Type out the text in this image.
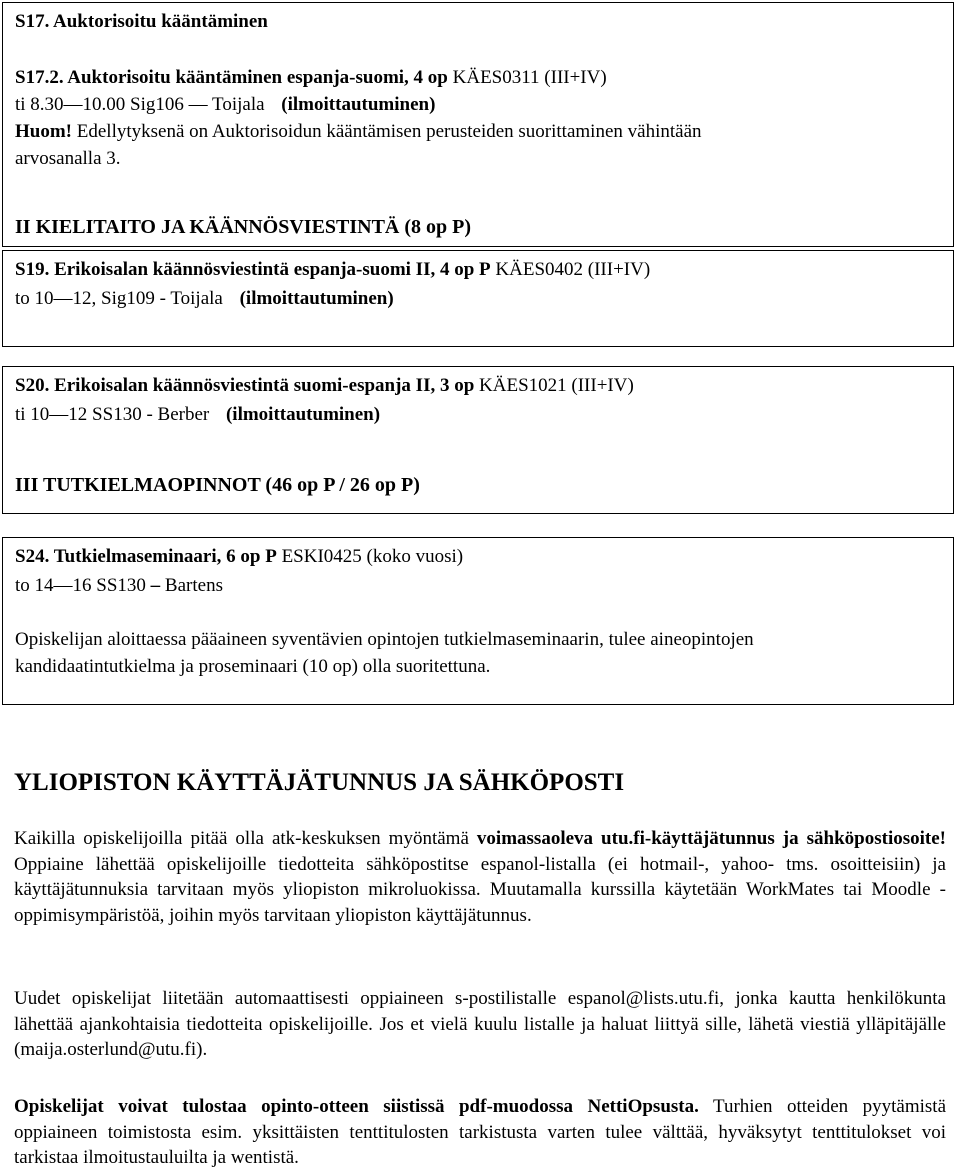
S17. Auktorisoitu kääntäminen
S17.2. Auktorisoitu kääntäminen espanja-suomi, 4 op KÄES0311 (III+IV)
ti 8.30—10.00 Sig106 — Toijala (ilmoittautuminen)
Huom! Edellytyksenä on Auktorisoidun kääntämisen perusteiden suorittaminen vähintään
arvosanalla 3.
II KIELITAITO JA KÄÄNNÖSVIESTINTÄ (8 op P)
S19. Erikoisalan käännösviestintä espanja-suomi II, 4 op P KÄES0402 (III+IV)
to 10—12, Sig109 - Toijala (ilmoittautuminen)
S20. Erikoisalan käännösviestintä suomi-espanja II, 3 op KÄES1021 (III+IV)
ti 10—12 SS130 - Berber (ilmoittautuminen)
III TUTKIELMAOPINNOT (46 op P / 26 op P)
S24. Tutkielmaseminaari, 6 op P ESKI0425 (koko vuosi)
to 14—16 SS130 – Bartens
Opiskelijan aloittaessa pääaineen syventävien opintojen tutkielmaseminaarin, tulee aineopintojen
kandidaatintutkielma ja proseminaari (10 op) olla suoritettuna.
YLIOPISTON KÄYTTÄJÄTUNNUS JA SÄHKÖPOSTI
Kaikilla opiskelijoilla pitää olla atk-keskuksen myöntämä voimassaoleva utu.fi-käyttäjätunnus ja sähköpostiosoite! Oppiaine lähettää opiskelijoille tiedotteita sähköpostitse espanol-listalla (ei hotmail-, yahoo- tms. osoitteisiin) ja käyttäjätunnuksia tarvitaan myös yliopiston mikroluokissa. Muutamalla kurssilla käytetään WorkMates tai Moodle -oppimisympäristöä, joihin myös tarvitaan yliopiston käyttäjätunnus.
Uudet opiskelijat liitetään automaattisesti oppiaineen s-postilistalle espanol@lists.utu.fi, jonka kautta henkilökunta lähettää ajankohtaisia tiedotteita opiskelijoille. Jos et vielä kuulu listalle ja haluat liittyä sille, lähetä viestiä ylläpitäjälle (maija.osterlund@utu.fi).
Opiskelijat voivat tulostaa opinto-otteen siistissä pdf-muodossa NettiOpsusta. Turhien otteiden pyytämistä oppiaineen toimistosta esim. yksittäisten tenttitulosten tarkistusta varten tulee välttää, hyväksytyt tenttitulokset voi tarkistaa ilmoitustauluilta ja wentistä.
